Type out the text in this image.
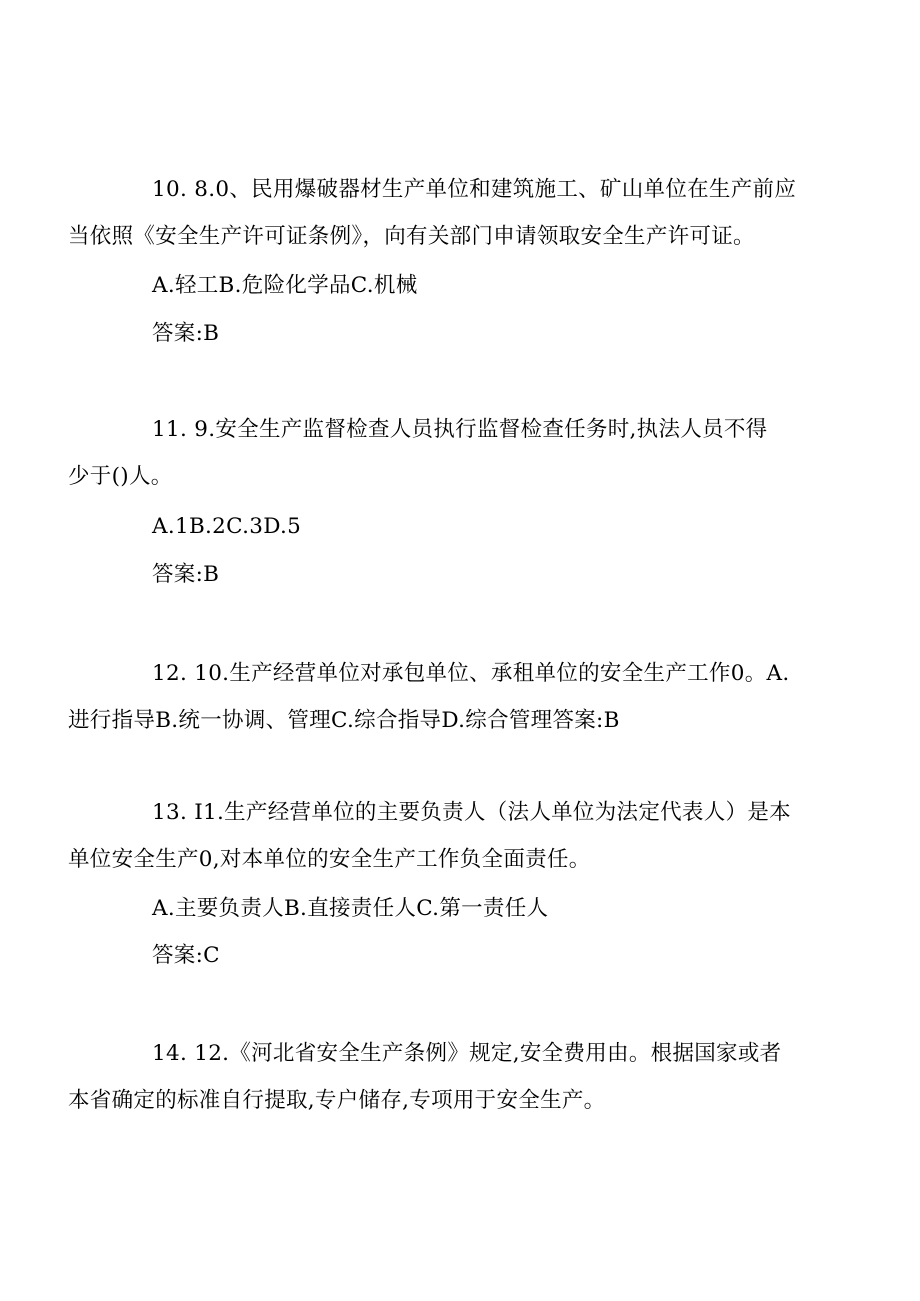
10. 8.0、民用爆破器材生产单位和建筑施工、矿山单位在生产前应
当依照《安全生产许可证条例》，向有关部门申请领取安全生产许可证。
A.轻工B.危险化学品C.机械
答案:B
11. 9.安全生产监督检查人员执行监督检查任务时,执法人员不得
少于()人。
A.1B.2C.3D.5
答案:B
12. 10.生产经营单位对承包单位、承租单位的安全生产工作0。A.
进行指导B.统一协调、管理C.综合指导D.综合管理答案:B
13. I1.生产经营单位的主要负责人（法人单位为法定代表人）是本
单位安全生产0,对本单位的安全生产工作负全面责任。
A.主要负责人B.直接责任人C.第一责任人
答案:C
14. 12.《河北省安全生产条例》规定,安全费用由。根据国家或者
本省确定的标准自行提取,专户储存,专项用于安全生产。
